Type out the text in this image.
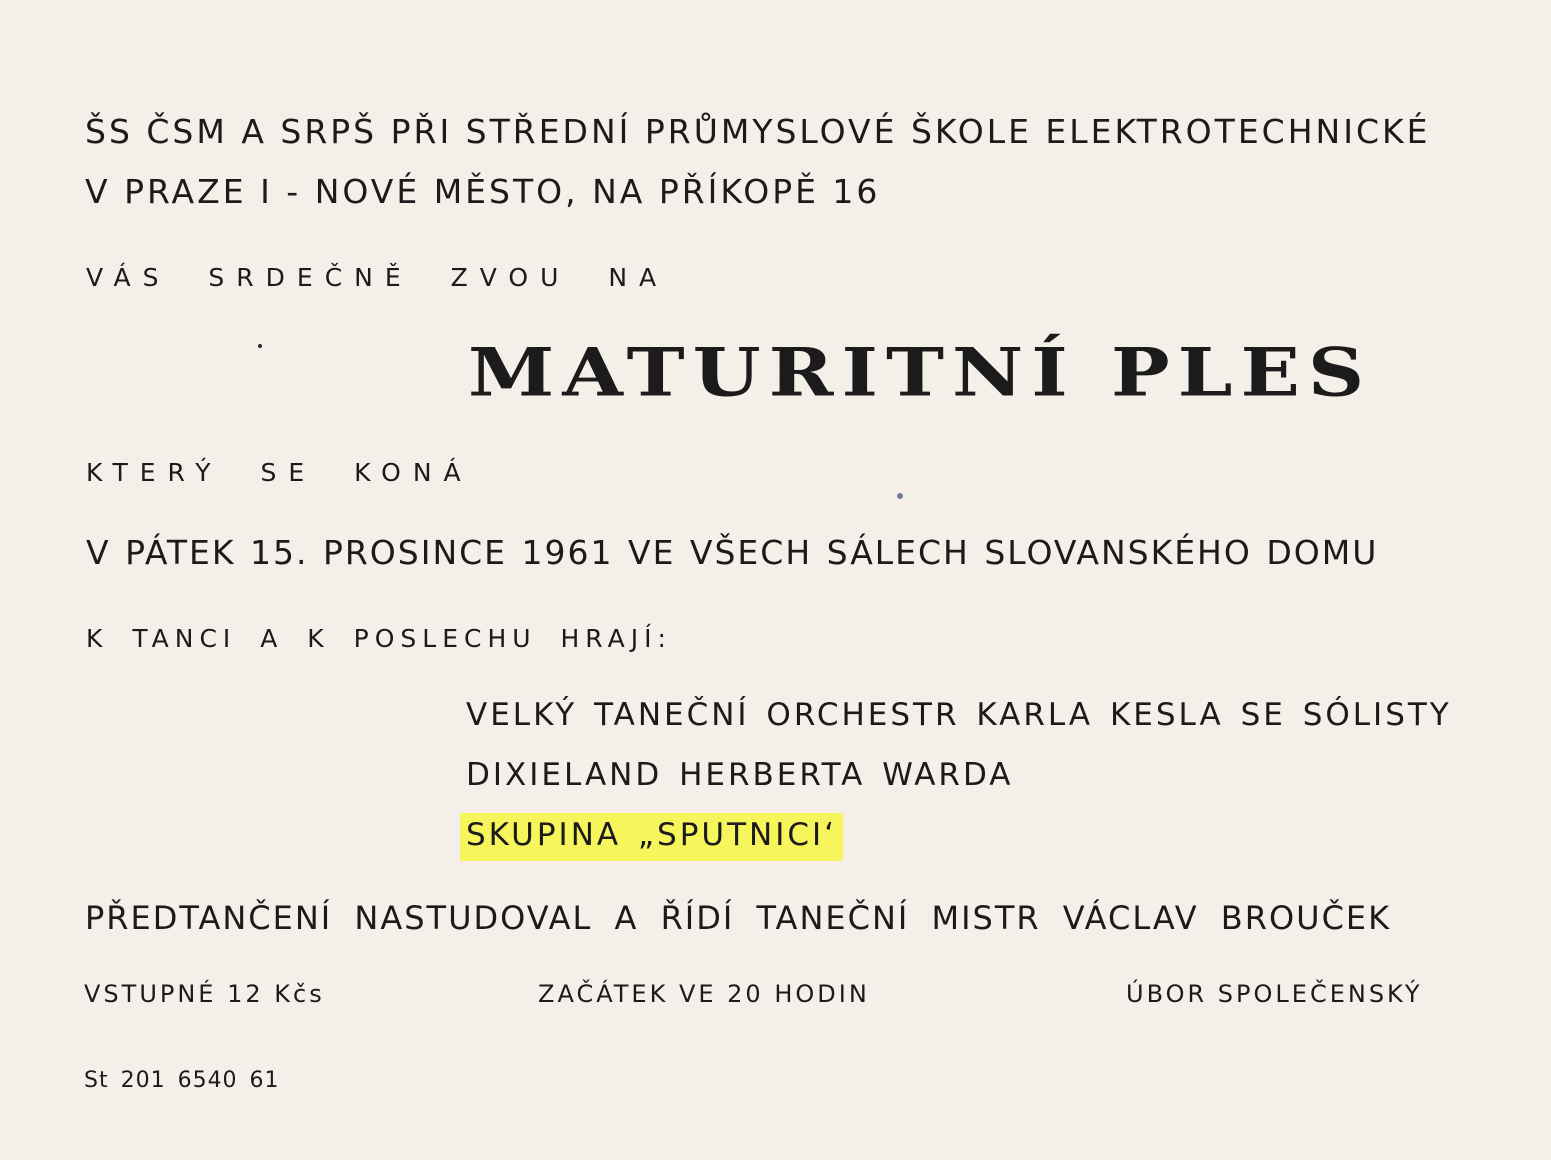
ŠS ČSM A SRPŠ PŘI STŘEDNÍ PRŮMYSLOVÉ ŠKOLE ELEKTROTECHNICKÉ

V PRAZE I - NOVÉ MĚSTO, NA PŘÍKOPĚ 16

VÁS SRDEČNĚ ZVOU NA

MATURITNÍ PLES

KTERÝ SE KONÁ

V PÁTEK 15. PROSINCE 1961 VE VŠECH SÁLECH SLOVANSKÉHO DOMU

K TANCI A K POSLECHU HRAJÍ:

VELKÝ TANEČNÍ ORCHESTR KARLA KESLA SE SÓLISTY

DIXIELAND HERBERTA WARDA

SKUPINA „SPUTNICI‘

PŘEDTANČENÍ NASTUDOVAL A ŘÍDÍ TANEČNÍ MISTR VÁCLAV BROUČEK

VSTUPNÉ 12 Kčs	ZAČÁTEK VE 20 HODIN	ÚBOR SPOLEČENSKÝ

St 201 6540 61
